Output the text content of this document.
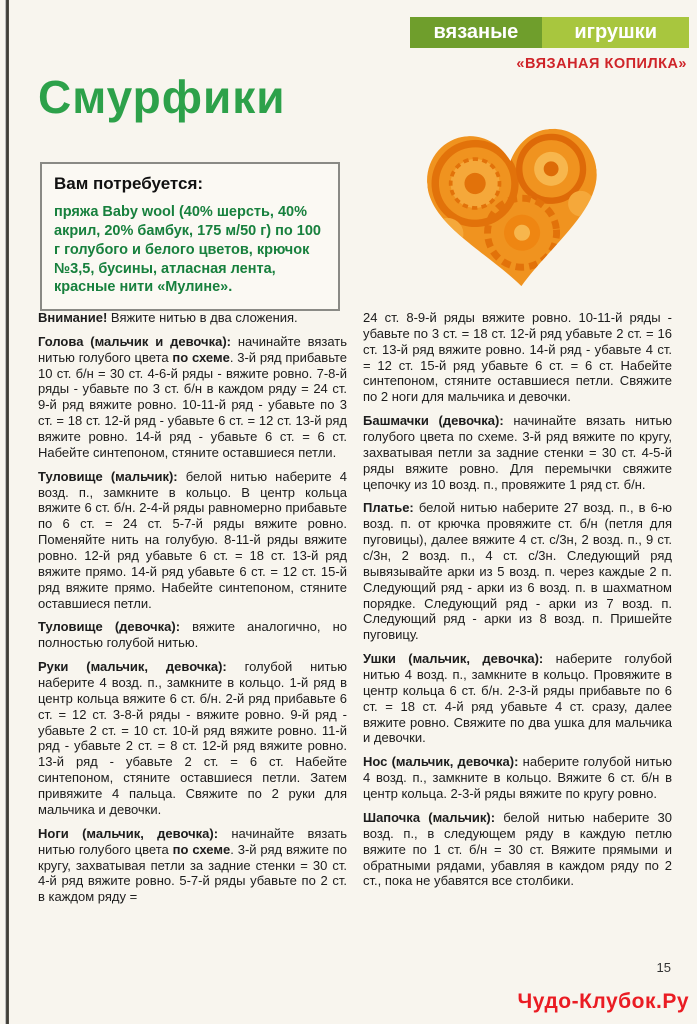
вязаные	игрушки
«ВЯЗАНАЯ КОПИЛКА»
Смурфики
Вам потребуется:
пряжа Baby wool (40% шерсть, 40% акрил, 20% бамбук, 175 м/50 г) по 100 г голубого и белого цветов, крючок №3,5, бусины, атласная лента, красные нити «Мулине».

Внимание! Вяжите нитью в два сложения.

Голова (мальчик и девочка): начинайте вязать нитью голубого цвета по схеме. 3-й ряд прибавьте 10 ст. б/н = 30 ст. 4-6-й ряды - вяжите ровно. 7-8-й ряды - убавьте по 3 ст. б/н в каждом ряду = 24 ст. 9-й ряд вяжите ровно. 10-11-й ряд - убавьте по 3 ст. = 18 ст. 12-й ряд - убавьте 6 ст. = 12 ст. 13-й ряд вяжите ровно. 14-й ряд - убавьте 6 ст. = 6 ст. Набейте синтепоном, стяните оставшиеся петли.

Туловище (мальчик): белой нитью наберите 4 возд. п., замкните в кольцо. В центр кольца вяжите 6 ст. б/н. 2-4-й ряды равномерно прибавьте по 6 ст. = 24 ст. 5-7-й ряды вяжите ровно. Поменяйте нить на голубую. 8-11-й ряды вяжите ровно. 12-й ряд убавьте 6 ст. = 18 ст. 13-й ряд вяжите прямо. 14-й ряд убавьте 6 ст. = 12 ст. 15-й ряд вяжите прямо. Набейте синтепоном, стяните оставшиеся петли.

Туловище (девочка): вяжите аналогично, но полностью голубой нитью.

Руки (мальчик, девочка): голубой нитью наберите 4 возд. п., замкните в кольцо. 1-й ряд в центр кольца вяжите 6 ст. б/н. 2-й ряд прибавьте 6 ст. = 12 ст. 3-8-й ряды - вяжите ровно. 9-й ряд - убавьте 2 ст. = 10 ст. 10-й ряд вяжите ровно. 11-й ряд - убавьте 2 ст. = 8 ст. 12-й ряд вяжите ровно. 13-й ряд - убавьте 2 ст. = 6 ст. Набейте синтепоном, стяните оставшиеся петли. Затем привяжите 4 пальца. Свяжите по 2 руки для мальчика и девочки.

Ноги (мальчик, девочка): начинайте вязать нитью голубого цвета по схеме. 3-й ряд вяжите по кругу, захватывая петли за задние стенки = 30 ст. 4-й ряд вяжите ровно. 5-7-й ряды убавьте по 2 ст. в каждом ряду =

24 ст. 8-9-й ряды вяжите ровно. 10-11-й ряды - убавьте по 3 ст. = 18 ст. 12-й ряд убавьте 2 ст. = 16 ст. 13-й ряд вяжите ровно. 14-й ряд - убавьте 4 ст. = 12 ст. 15-й ряд убавьте 6 ст. = 6 ст. Набейте синтепоном, стяните оставшиеся петли. Свяжите по 2 ноги для мальчика и девочки.

Башмачки (девочка): начинайте вязать нитью голубого цвета по схеме. 3-й ряд вяжите по кругу, захватывая петли за задние стенки = 30 ст. 4-5-й ряды вяжите ровно. Для перемычки свяжите цепочку из 10 возд. п., провяжите 1 ряд ст. б/н.

Платье: белой нитью наберите 27 возд. п., в 6-ю возд. п. от крючка провяжите ст. б/н (петля для пуговицы), далее вяжите 4 ст. с/3н, 2 возд. п., 9 ст. с/3н, 2 возд. п., 4 ст. с/3н. Следующий ряд вывязывайте арки из 5 возд. п. через каждые 2 п. Следующий ряд - арки из 6 возд. п. в шахматном порядке. Следующий ряд - арки из 7 возд. п. Следующий ряд - арки из 8 возд. п. Пришейте пуговицу.

Ушки (мальчик, девочка): наберите голубой нитью 4 возд. п., замкните в кольцо. Провяжите в центр кольца 6 ст. б/н. 2-3-й ряды прибавьте по 6 ст. = 18 ст. 4-й ряд убавьте 4 ст. сразу, далее вяжите ровно. Свяжите по два ушка для мальчика и девочки.

Нос (мальчик, девочка): наберите голубой нитью 4 возд. п., замкните в кольцо. Вяжите 6 ст. б/н в центр кольца. 2-3-й ряды вяжите по кругу ровно.

Шапочка (мальчик): белой нитью наберите 30 возд. п., в следующем ряду в каждую петлю вяжите по 1 ст. б/н = 30 ст. Вяжите прямыми и обратными рядами, убавляя в каждом ряду по 2 ст., пока не убавятся все столбики.

15
Чудо-Клубок.Ру
